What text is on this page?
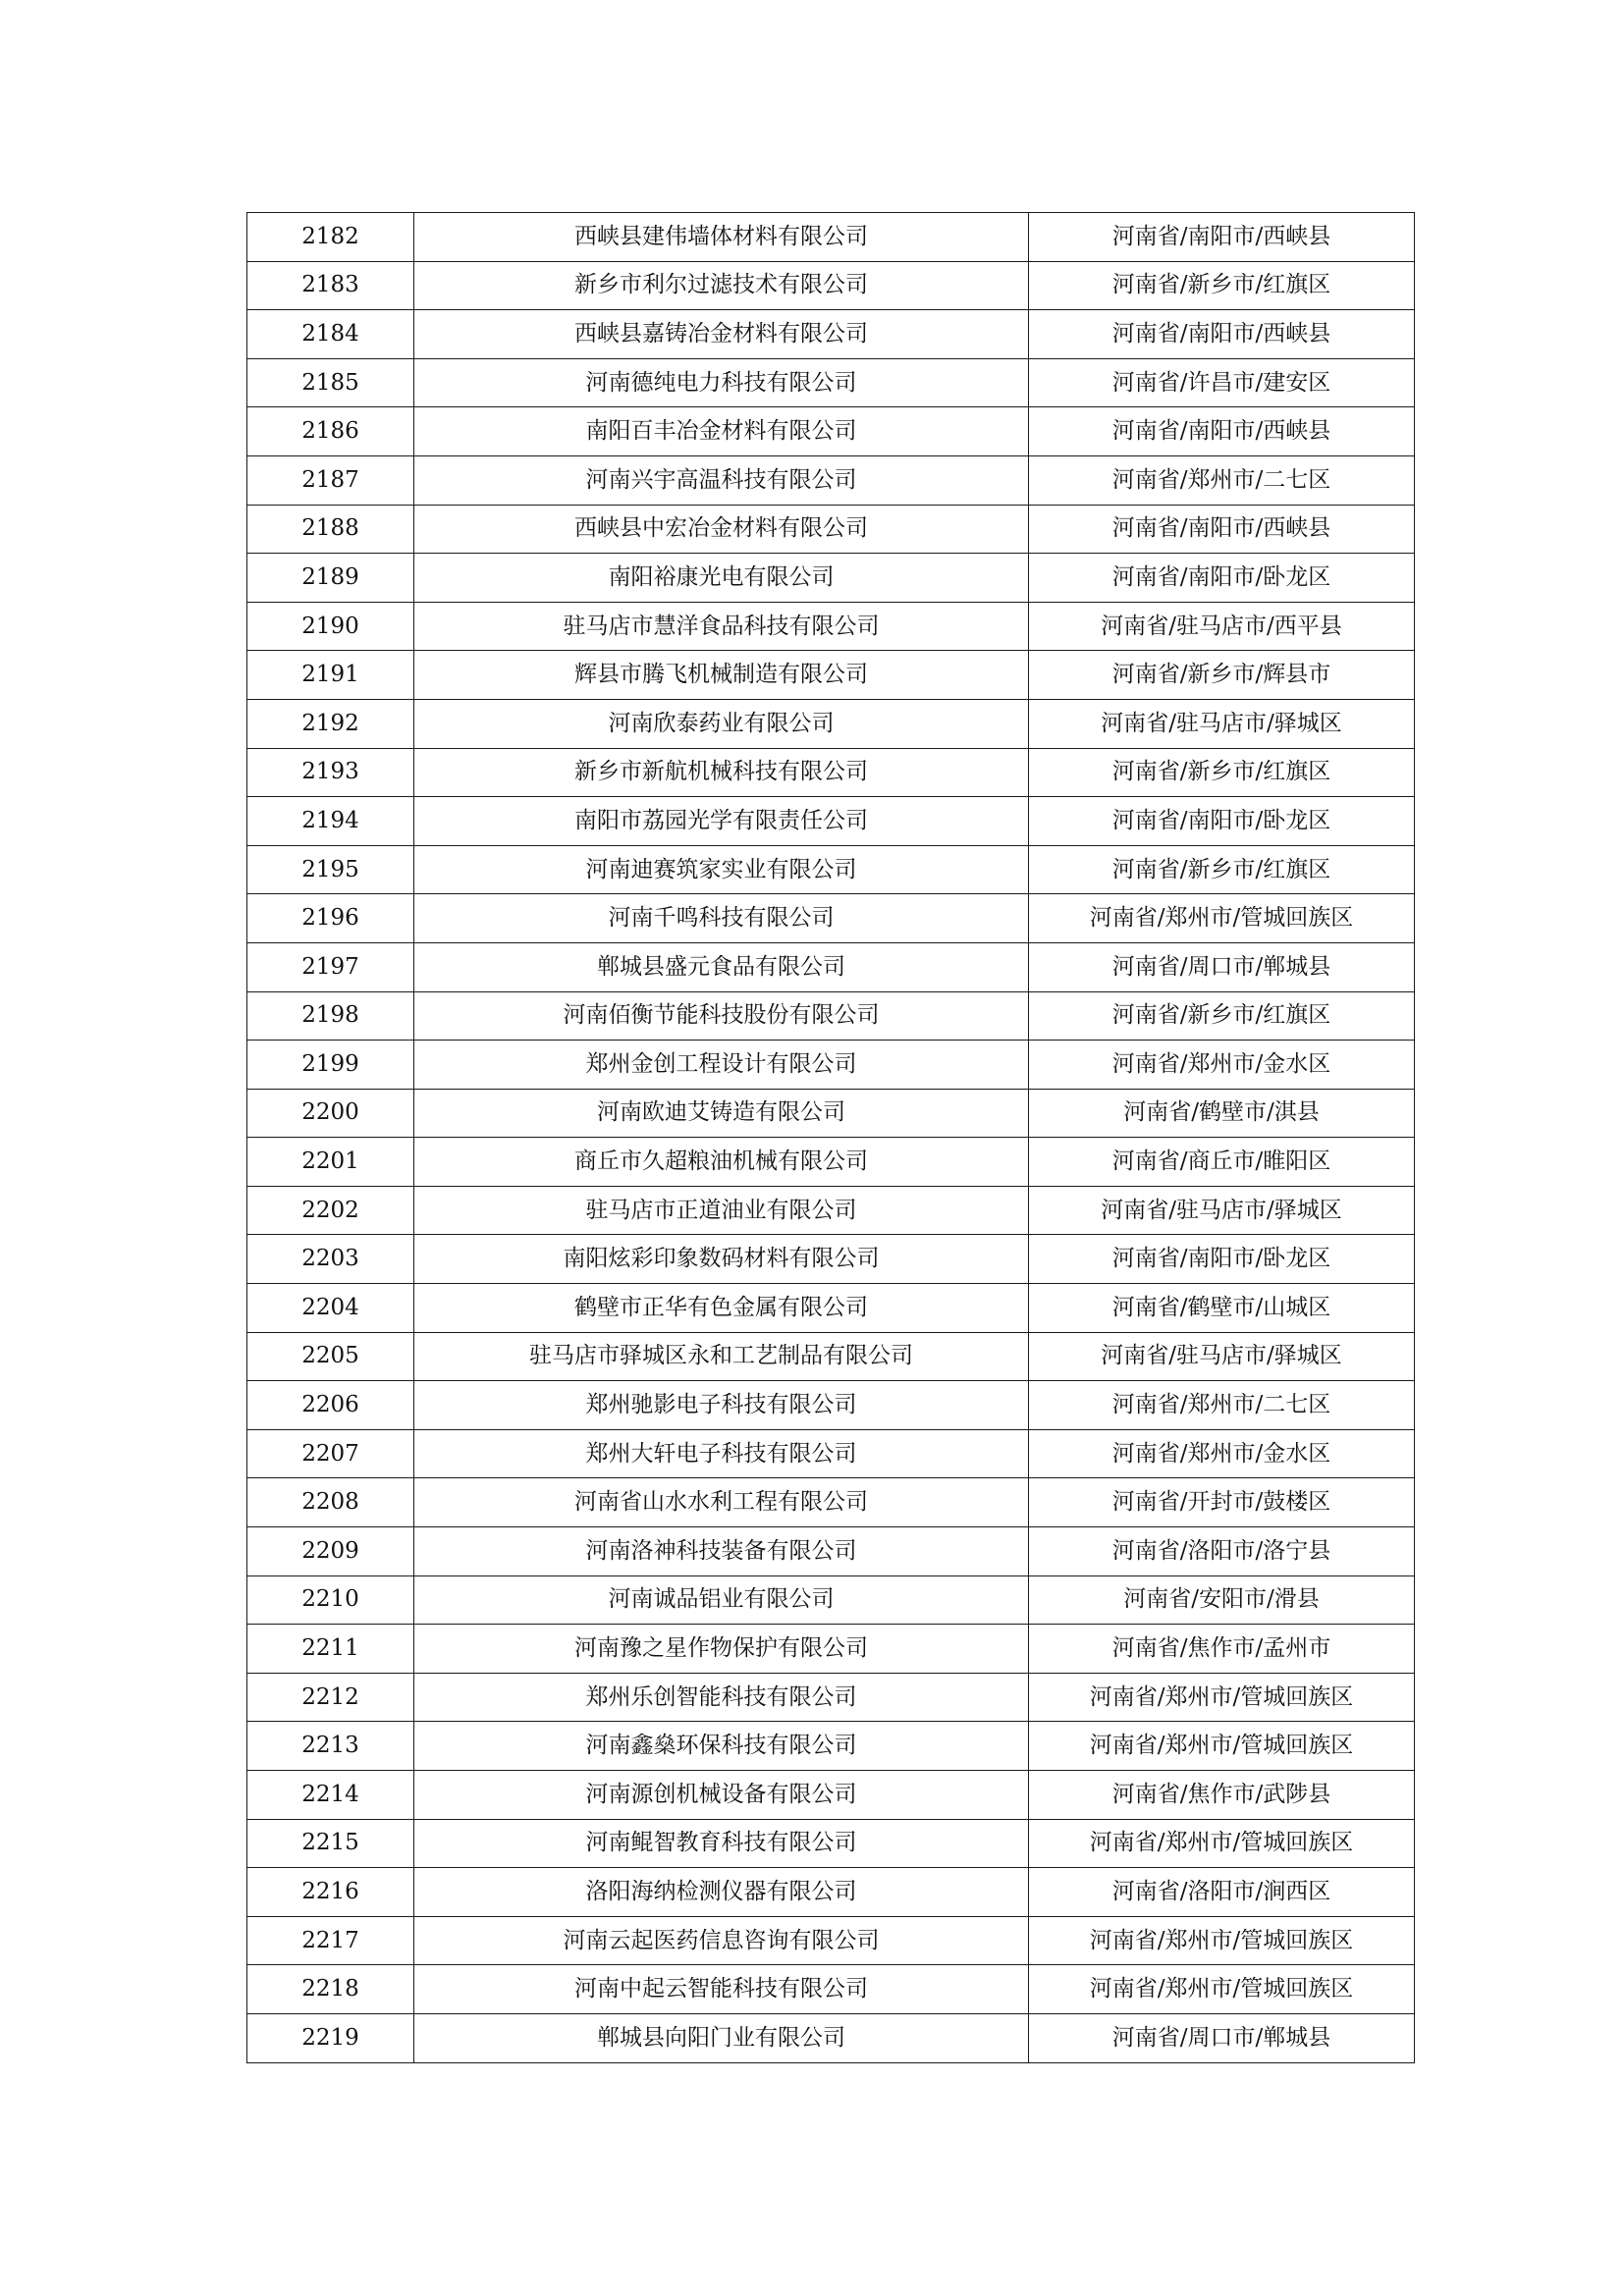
2182	西峡县建伟墙体材料有限公司	河南省/南阳市/西峡县
2183	新乡市利尔过滤技术有限公司	河南省/新乡市/红旗区
2184	西峡县嘉铸冶金材料有限公司	河南省/南阳市/西峡县
2185	河南德纯电力科技有限公司	河南省/许昌市/建安区
2186	南阳百丰冶金材料有限公司	河南省/南阳市/西峡县
2187	河南兴宇高温科技有限公司	河南省/郑州市/二七区
2188	西峡县中宏冶金材料有限公司	河南省/南阳市/西峡县
2189	南阳裕康光电有限公司	河南省/南阳市/卧龙区
2190	驻马店市慧洋食品科技有限公司	河南省/驻马店市/西平县
2191	辉县市腾飞机械制造有限公司	河南省/新乡市/辉县市
2192	河南欣泰药业有限公司	河南省/驻马店市/驿城区
2193	新乡市新航机械科技有限公司	河南省/新乡市/红旗区
2194	南阳市荔园光学有限责任公司	河南省/南阳市/卧龙区
2195	河南迪赛筑家实业有限公司	河南省/新乡市/红旗区
2196	河南千鸣科技有限公司	河南省/郑州市/管城回族区
2197	郸城县盛元食品有限公司	河南省/周口市/郸城县
2198	河南佰衡节能科技股份有限公司	河南省/新乡市/红旗区
2199	郑州金创工程设计有限公司	河南省/郑州市/金水区
2200	河南欧迪艾铸造有限公司	河南省/鹤壁市/淇县
2201	商丘市久超粮油机械有限公司	河南省/商丘市/睢阳区
2202	驻马店市正道油业有限公司	河南省/驻马店市/驿城区
2203	南阳炫彩印象数码材料有限公司	河南省/南阳市/卧龙区
2204	鹤壁市正华有色金属有限公司	河南省/鹤壁市/山城区
2205	驻马店市驿城区永和工艺制品有限公司	河南省/驻马店市/驿城区
2206	郑州驰影电子科技有限公司	河南省/郑州市/二七区
2207	郑州大轩电子科技有限公司	河南省/郑州市/金水区
2208	河南省山水水利工程有限公司	河南省/开封市/鼓楼区
2209	河南洛神科技装备有限公司	河南省/洛阳市/洛宁县
2210	河南诚品铝业有限公司	河南省/安阳市/滑县
2211	河南豫之星作物保护有限公司	河南省/焦作市/孟州市
2212	郑州乐创智能科技有限公司	河南省/郑州市/管城回族区
2213	河南鑫燊环保科技有限公司	河南省/郑州市/管城回族区
2214	河南源创机械设备有限公司	河南省/焦作市/武陟县
2215	河南鲲智教育科技有限公司	河南省/郑州市/管城回族区
2216	洛阳海纳检测仪器有限公司	河南省/洛阳市/涧西区
2217	河南云起医药信息咨询有限公司	河南省/郑州市/管城回族区
2218	河南中起云智能科技有限公司	河南省/郑州市/管城回族区
2219	郸城县向阳门业有限公司	河南省/周口市/郸城县
